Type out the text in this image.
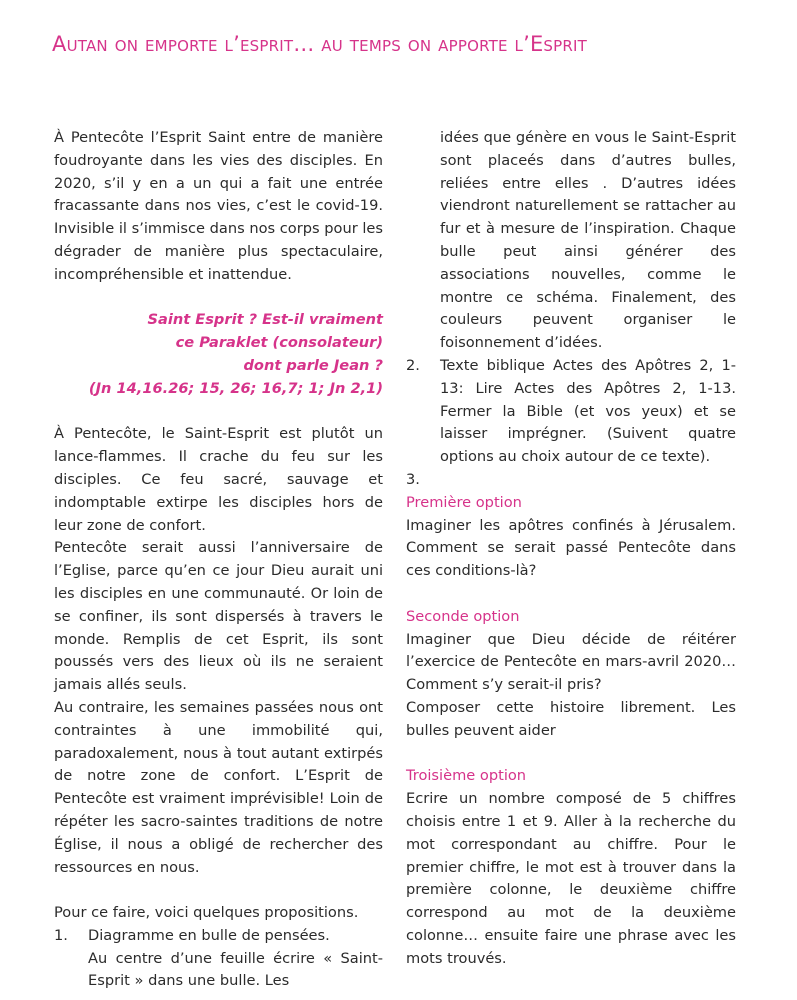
Autan on emporte l’esprit… au temps on apporte l’Esprit

À Pentecôte l’Esprit Saint entre de manière foudroyante dans les vies des disciples. En 2020, s’il y en a un qui a fait une entrée fracassante dans nos vies, c’est le covid-19. Invisible il s’immisce dans nos corps pour les dégrader de manière plus spectaculaire, incompréhensible et inattendue.

Saint Esprit ? Est-il vraiment

ce Paraklet (consolateur)

dont parle Jean ?

(Jn 14,16.26; 15, 26; 16,7; 1; Jn 2,1)

À Pentecôte, le Saint-Esprit est plutôt un lance-flammes. Il crache du feu sur les disciples. Ce feu sacré, sauvage et indomptable extirpe les disciples hors de leur zone de confort.

Pentecôte serait aussi l’anniversaire de l’Eglise, parce qu’en ce jour Dieu aurait uni les disciples en une communauté. Or loin de se confiner, ils sont dispersés à travers le monde. Remplis de cet Esprit, ils sont poussés vers des lieux où ils ne seraient jamais allés seuls.

Au contraire, les semaines passées nous ont contraintes à une immobilité qui, paradoxalement, nous à tout autant extirpés de notre zone de confort. L’Esprit de Pentecôte est vraiment imprévisible! Loin de répéter les sacro-saintes traditions de notre Église, il nous a obligé de rechercher des ressources en nous.

Pour ce faire, voici quelques propositions.

1.	Diagramme en bulle de pensées.

Au centre d’une feuille écrire « Saint-Esprit » dans une bulle. Les

idées que génère en vous le Saint-Esprit sont placeés dans d’autres bulles, reliées entre elles . D’autres idées viendront naturellement se rattacher au fur et à mesure de l’inspiration. Chaque bulle peut ainsi générer des associations nouvelles, comme le montre ce schéma. Finalement, des couleurs peuvent organiser le foisonnement d’idées.

2.	Texte biblique Actes des Apôtres 2, 1-13: Lire Actes des Apôtres 2, 1-13. Fermer la Bible (et vos yeux) et se laisser imprégner. (Suivent quatre options au choix autour de ce texte).

3.

Première option

Imaginer les apôtres confinés à Jérusalem. Comment se serait passé Pentecôte dans ces conditions-là?

Seconde option

Imaginer que Dieu décide de réitérer l’exercice de Pentecôte en mars-avril 2020… Comment s’y serait-il pris?

Composer cette histoire librement. Les bulles peuvent aider

Troisième option

Ecrire un nombre composé de 5 chiffres choisis entre 1 et 9. Aller à la recherche du mot correspondant au chiffre. Pour le premier chiffre, le mot est à trouver dans la première colonne, le deuxième chiffre correspond au mot de la deuxième colonne… ensuite faire une phrase avec les mots trouvés.
